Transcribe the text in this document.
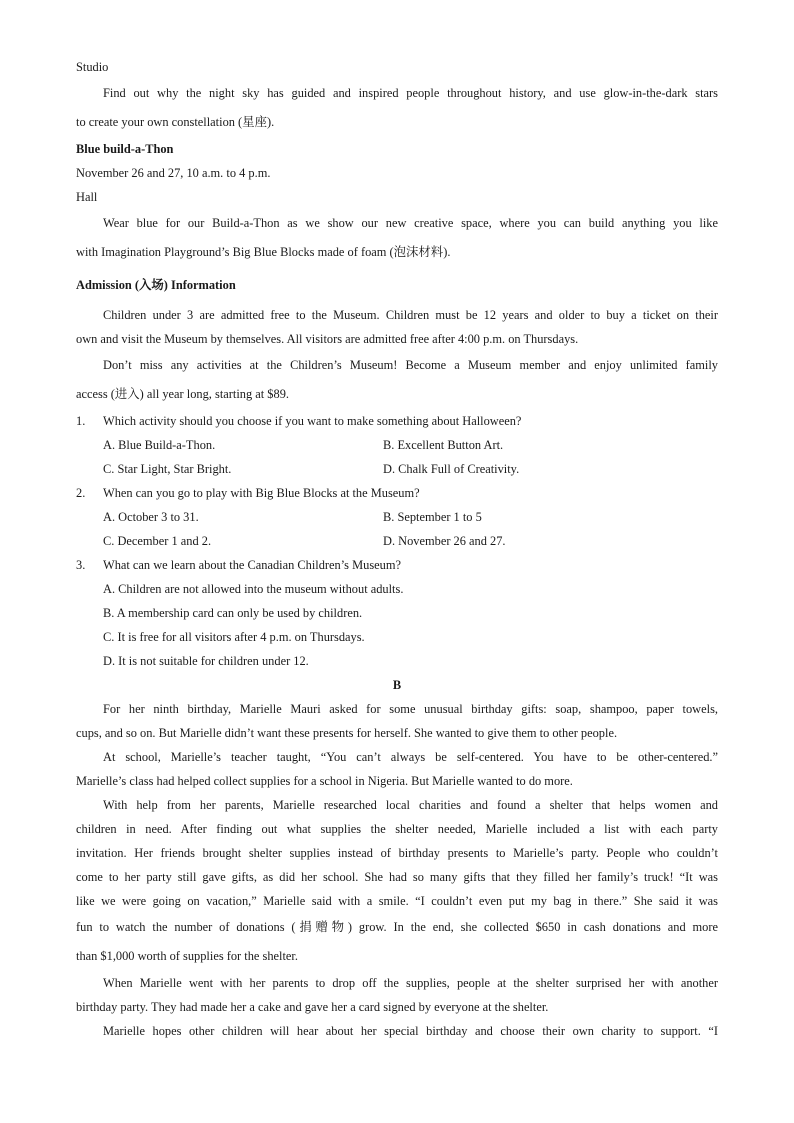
Studio
Find out why the night sky has guided and inspired people throughout history, and use glow-in-the-dark stars
to create your own constellation (星座).
Blue build-a-Thon
November 26 and 27, 10 a.m. to 4 p.m.
Hall
Wear blue for our Build-a-Thon as we show our new creative space, where you can build anything you like
with Imagination Playground’s Big Blue Blocks made of foam (泡沫材料).
Admission (入场) Information
Children under 3 are admitted free to the Museum. Children must be 12 years and older to buy a ticket on their
own and visit the Museum by themselves. All visitors are admitted free after 4:00 p.m. on Thursdays.
Don’t miss any activities at the Children’s Museum! Become a Museum member and enjoy unlimited family
access (进入) all year long, starting at $89.
1. Which activity should you choose if you want to make something about Halloween?
A. Blue Build-a-Thon.	B. Excellent Button Art.
C. Star Light, Star Bright.	D. Chalk Full of Creativity.
2. When can you go to play with Big Blue Blocks at the Museum?
A. October 3 to 31.	B. September 1 to 5
C. December 1 and 2.	D. November 26 and 27.
3. What can we learn about the Canadian Children’s Museum?
A. Children are not allowed into the museum without adults.
B. A membership card can only be used by children.
C. It is free for all visitors after 4 p.m. on Thursdays.
D. It is not suitable for children under 12.
B
For her ninth birthday, Marielle Mauri asked for some unusual birthday gifts: soap, shampoo, paper towels,
cups, and so on. But Marielle didn’t want these presents for herself. She wanted to give them to other people.
At school, Marielle’s teacher taught, “You can’t always be self-centered. You have to be other-centered.”
Marielle’s class had helped collect supplies for a school in Nigeria. But Marielle wanted to do more.
With help from her parents, Marielle researched local charities and found a shelter that helps women and
children in need. After finding out what supplies the shelter needed, Marielle included a list with each party
invitation. Her friends brought shelter supplies instead of birthday presents to Marielle’s party. People who couldn’t
come to her party still gave gifts, as did her school. She had so many gifts that they filled her family’s truck! “It was
like we were going on vacation,” Marielle said with a smile. “I couldn’t even put my bag in there.” She said it was
fun to watch the number of donations (捐赠物) grow. In the end, she collected $650 in cash donations and more
than $1,000 worth of supplies for the shelter.
When Marielle went with her parents to drop off the supplies, people at the shelter surprised her with another
birthday party. They had made her a cake and gave her a card signed by everyone at the shelter.
Marielle hopes other children will hear about her special birthday and choose their own charity to support. “I
